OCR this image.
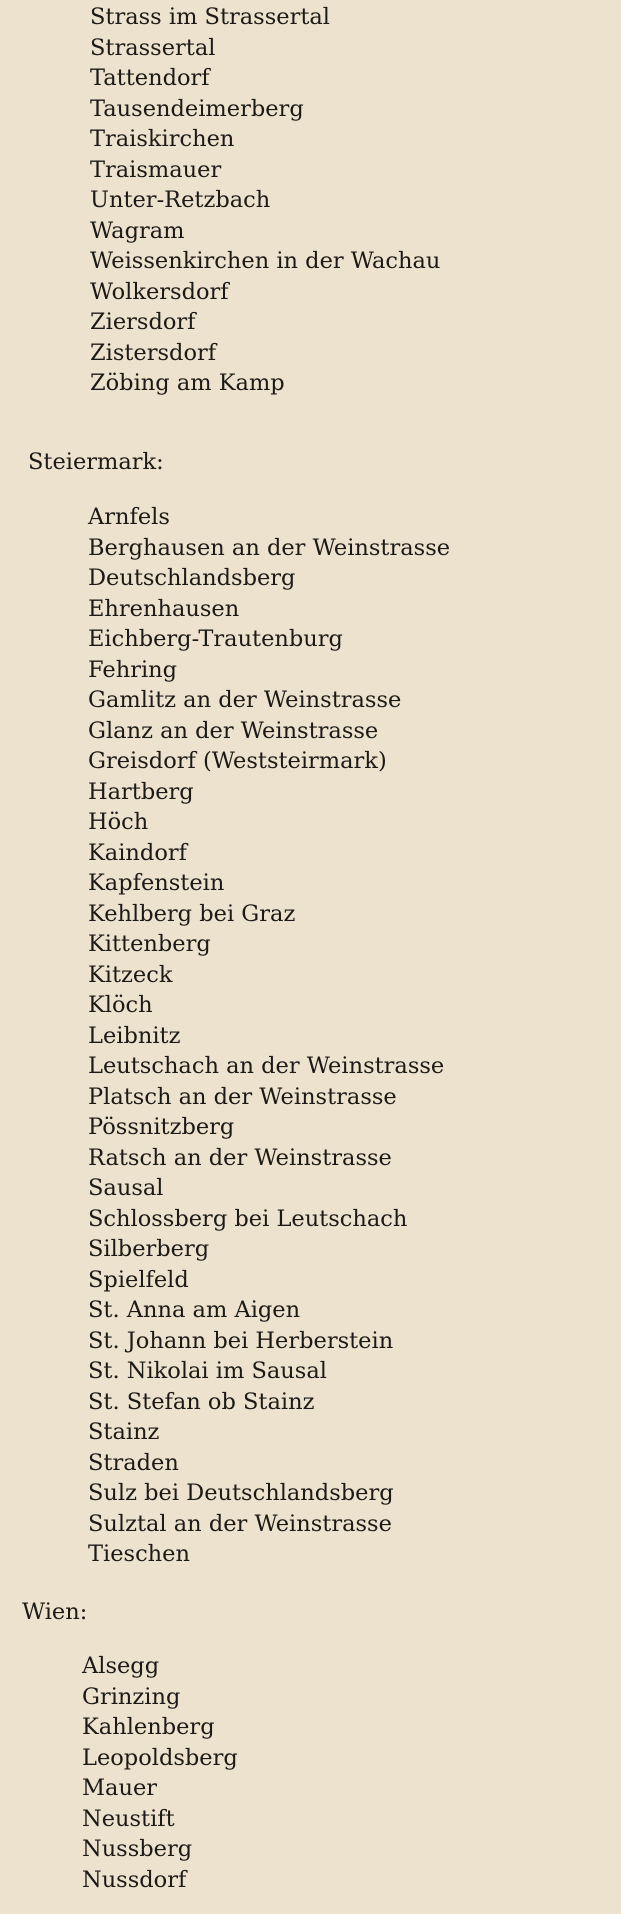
Strass im Strassertal
Strassertal
Tattendorf
Tausendeimerberg
Traiskirchen
Traismauer
Unter-Retzbach
Wagram
Weissenkirchen in der Wachau
Wolkersdorf
Ziersdorf
Zistersdorf
Zöbing am Kamp
Steiermark:
Arnfels
Berghausen an der Weinstrasse
Deutschlandsberg
Ehrenhausen
Eichberg-Trautenburg
Fehring
Gamlitz an der Weinstrasse
Glanz an der Weinstrasse
Greisdorf (Weststeirmark)
Hartberg
Höch
Kaindorf
Kapfenstein
Kehlberg bei Graz
Kittenberg
Kitzeck
Klöch
Leibnitz
Leutschach an der Weinstrasse
Platsch an der Weinstrasse
Pössnitzberg
Ratsch an der Weinstrasse
Sausal
Schlossberg bei Leutschach
Silberberg
Spielfeld
St. Anna am Aigen
St. Johann bei Herberstein
St. Nikolai im Sausal
St. Stefan ob Stainz
Stainz
Straden
Sulz bei Deutschlandsberg
Sulztal an der Weinstrasse
Tieschen
Wien:
Alsegg
Grinzing
Kahlenberg
Leopoldsberg
Mauer
Neustift
Nussberg
Nussdorf
